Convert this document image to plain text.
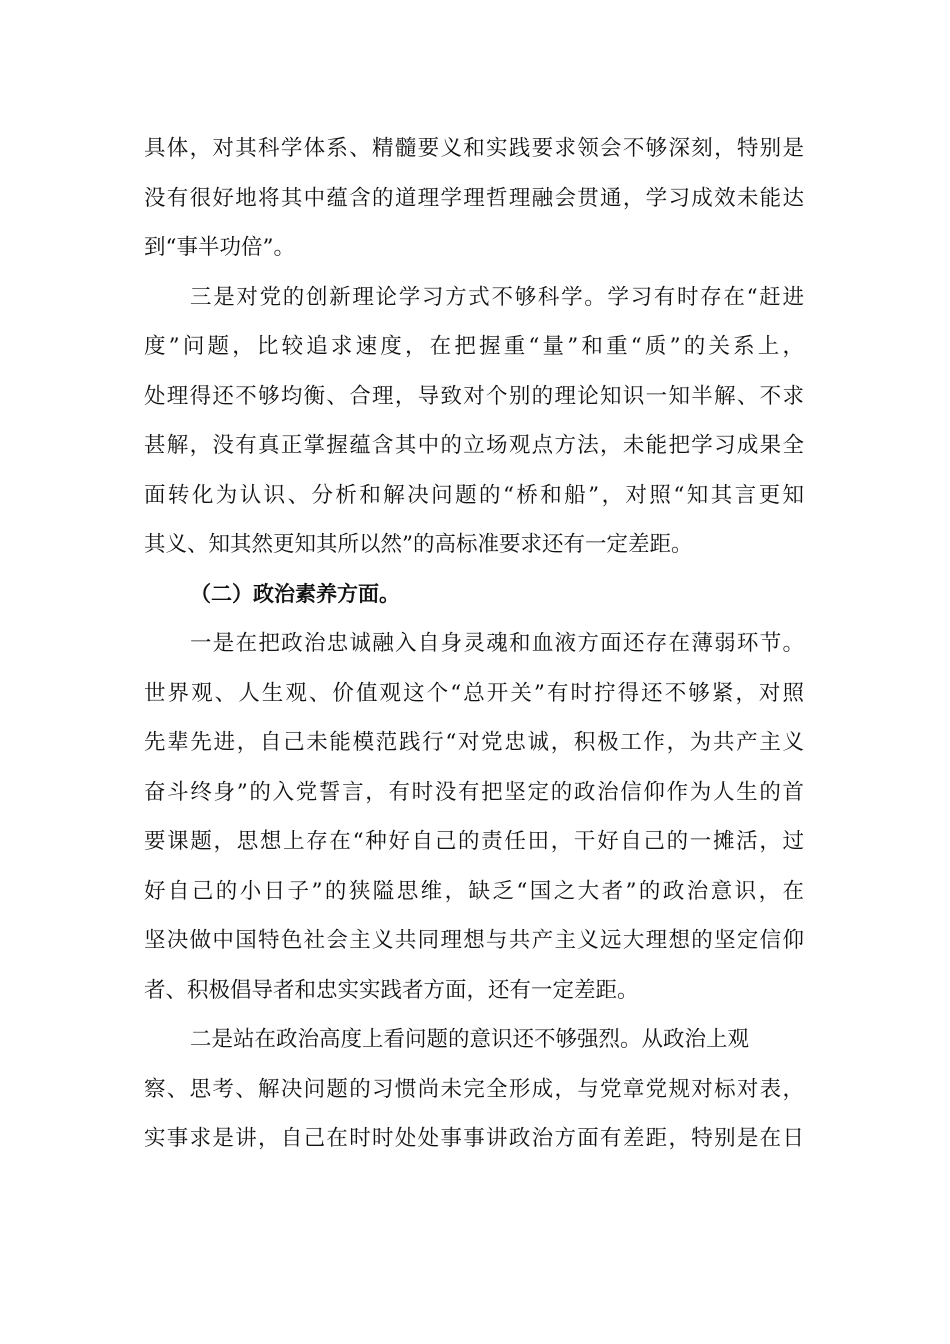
具体，对其科学体系、精髓要义和实践要求领会不够深刻，特别是
没有很好地将其中蕴含的道理学理哲理融会贯通，学习成效未能达
到“事半功倍”。
三是对党的创新理论学习方式不够科学。学习有时存在“赶进
度”问题，比较追求速度，在把握重“量”和重“质”的关系上，
处理得还不够均衡、合理，导致对个别的理论知识一知半解、不求
甚解，没有真正掌握蕴含其中的立场观点方法，未能把学习成果全
面转化为认识、分析和解决问题的“桥和船”，对照“知其言更知
其义、知其然更知其所以然”的高标准要求还有一定差距。
（二）政治素养方面。
一是在把政治忠诚融入自身灵魂和血液方面还存在薄弱环节。
世界观、人生观、价值观这个“总开关”有时拧得还不够紧，对照
先辈先进，自己未能模范践行“对党忠诚，积极工作，为共产主义
奋斗终身”的入党誓言，有时没有把坚定的政治信仰作为人生的首
要课题，思想上存在“种好自己的责任田，干好自己的一摊活，过
好自己的小日子”的狭隘思维，缺乏“国之大者”的政治意识，在
坚决做中国特色社会主义共同理想与共产主义远大理想的坚定信仰
者、积极倡导者和忠实实践者方面，还有一定差距。
二是站在政治高度上看问题的意识还不够强烈。从政治上观
察、思考、解决问题的习惯尚未完全形成，与党章党规对标对表，
实事求是讲，自己在时时处处事事讲政治方面有差距，特别是在日
